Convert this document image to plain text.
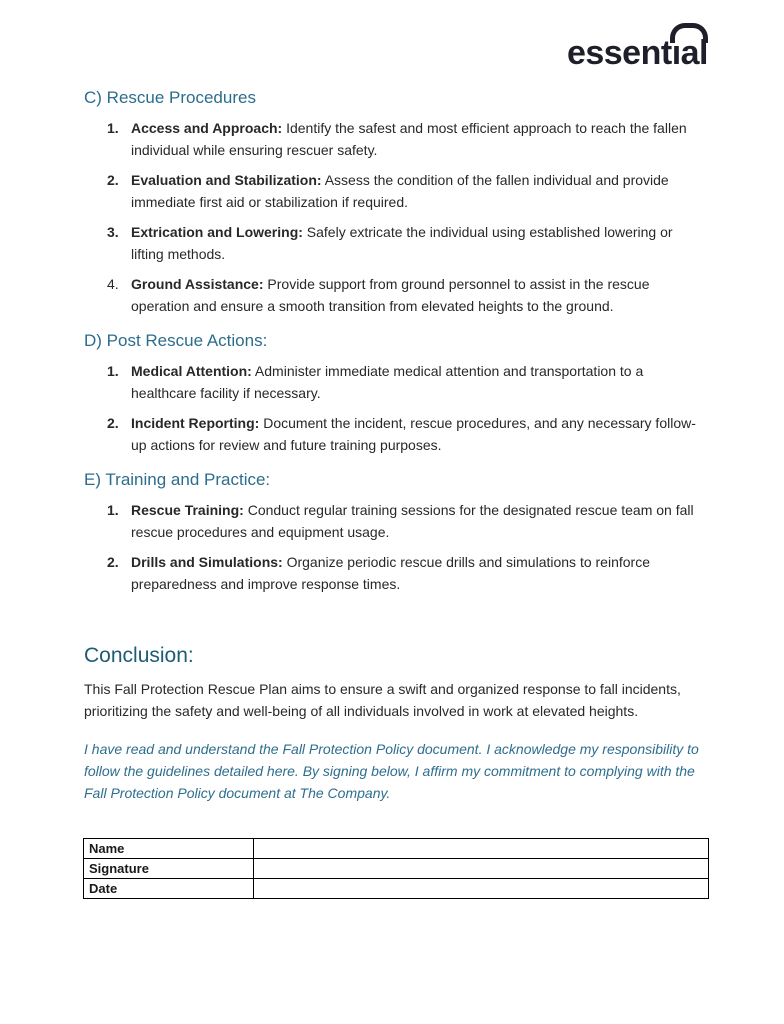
essent
ıal
C) Rescue Procedures
1. Access and Approach: Identify the safest and most efficient approach to reach the fallen individual while ensuring rescuer safety.
2. Evaluation and Stabilization: Assess the condition of the fallen individual and provide immediate first aid or stabilization if required.
3. Extrication and Lowering: Safely extricate the individual using established lowering or lifting methods.
4. Ground Assistance: Provide support from ground personnel to assist in the rescue operation and ensure a smooth transition from elevated heights to the ground.
D) Post Rescue Actions:
1. Medical Attention: Administer immediate medical attention and transportation to a healthcare facility if necessary.
2. Incident Reporting: Document the incident, rescue procedures, and any necessary follow-up actions for review and future training purposes.
E) Training and Practice:
1. Rescue Training: Conduct regular training sessions for the designated rescue team on fall rescue procedures and equipment usage.
2. Drills and Simulations: Organize periodic rescue drills and simulations to reinforce preparedness and improve response times.
Conclusion:

This Fall Protection Rescue Plan aims to ensure a swift and organized response to fall incidents, prioritizing the safety and well-being of all individuals involved in work at elevated heights.

I have read and understand the Fall Protection Policy document. I acknowledge my responsibility to follow the guidelines detailed here. By signing below, I affirm my commitment to complying with the Fall Protection Policy document at The Company.

Name	
Signature	
Date	
